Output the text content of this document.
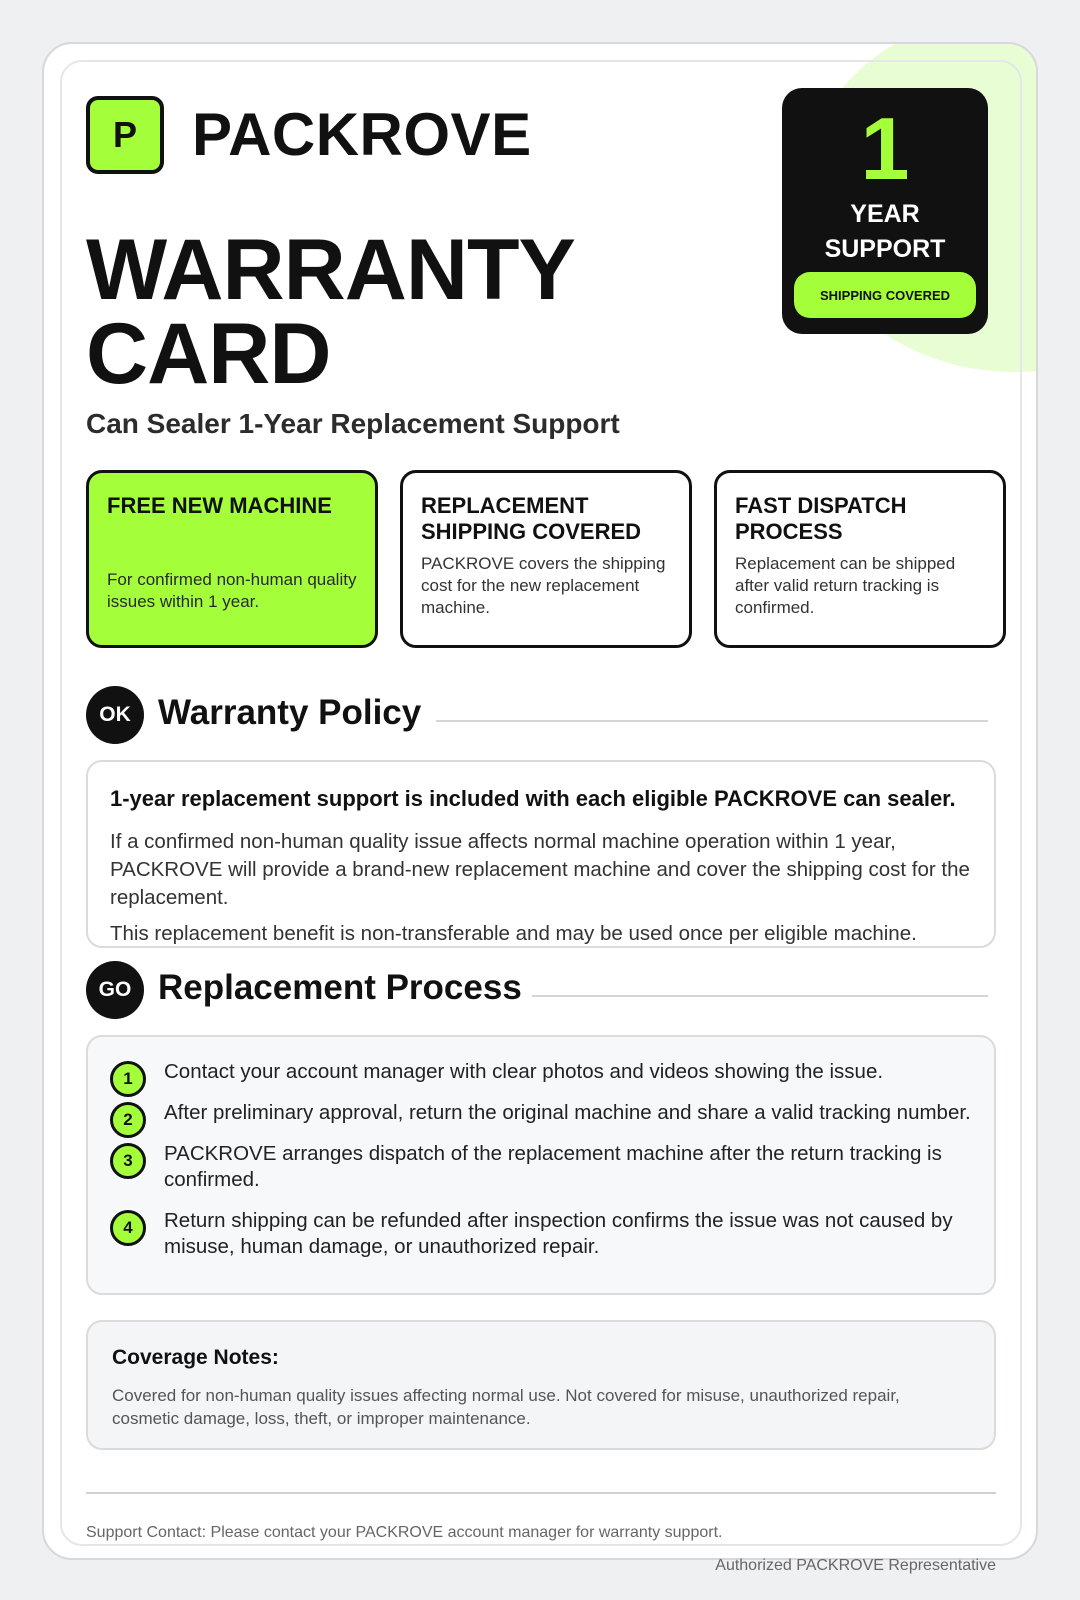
P PACKROVE
WARRANTY
CARD
Can Sealer 1-Year Replacement Support
1
YEAR
SUPPORT
SHIPPING COVERED
FREE NEW MACHINE

For confirmed non-human quality issues within 1 year.

REPLACEMENT SHIPPING COVERED

PACKROVE covers the shipping cost for the new replacement machine.

FAST DISPATCH PROCESS

Replacement can be shipped after valid return tracking is confirmed.

OK Warranty Policy
1-year replacement support is included with each eligible PACKROVE can sealer.
If a confirmed non-human quality issue affects normal machine operation within 1 year, PACKROVE will provide a brand-new replacement machine and cover the shipping cost for the replacement.
This replacement benefit is non-transferable and may be used once per eligible machine.
GO Replacement Process
1	Contact your account manager with clear photos and videos showing the issue.
2	After preliminary approval, return the original machine and share a valid tracking number.
3	PACKROVE arranges dispatch of the replacement machine after the return tracking is confirmed.
4	Return shipping can be refunded after inspection confirms the issue was not caused by misuse, human damage, or unauthorized repair.
Coverage Notes:
Covered for non-human quality issues affecting normal use. Not covered for misuse, unauthorized repair, cosmetic damage, loss, theft, or improper maintenance.
Support Contact: Please contact your PACKROVE account manager for warranty support.
Authorized PACKROVE Representative
